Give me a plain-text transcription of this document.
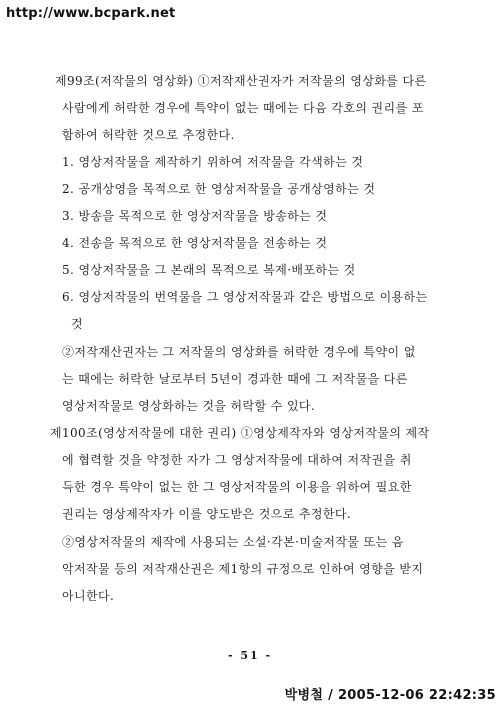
http://www.bcpark.net
제99조(저작물의 영상화) ①저작재산권자가 저작물의 영상화를 다른
사람에게 허락한 경우에 특약이 없는 때에는 다음 각호의 권리를 포
함하여 허락한 것으로 추정한다.
1. 영상저작물을 제작하기 위하여 저작물을 각색하는 것
2. 공개상영을 목적으로 한 영상저작물을 공개상영하는 것
3. 방송을 목적으로 한 영상저작물을 방송하는 것
4. 전송을 목적으로 한 영상저작물을 전송하는 것
5. 영상저작물을 그 본래의 목적으로 복제·배포하는 것
6. 영상저작물의 번역물을 그 영상저작물과 같은 방법으로 이용하는
것
②저작재산권자는 그 저작물의 영상화를 허락한 경우에 특약이 없
는 때에는 허락한 날로부터 5년이 경과한 때에 그 저작물을 다른
영상저작물로 영상화하는 것을 허락할 수 있다.
제100조(영상저작물에 대한 권리) ①영상제작자와 영상저작물의 제작
에 협력할 것을 약정한 자가 그 영상저작물에 대하여 저작권을 취
득한 경우 특약이 없는 한 그 영상저작물의 이용을 위하여 필요한
권리는 영상제작자가 이를 양도받은 것으로 추정한다.
②영상저작물의 제작에 사용되는 소설·각본·미술저작물 또는 음
악저작물 등의 저작재산권은 제1항의 규정으로 인하여 영향을 받지
아니한다.
- 51 -
박병철 / 2005-12-06 22:42:35
